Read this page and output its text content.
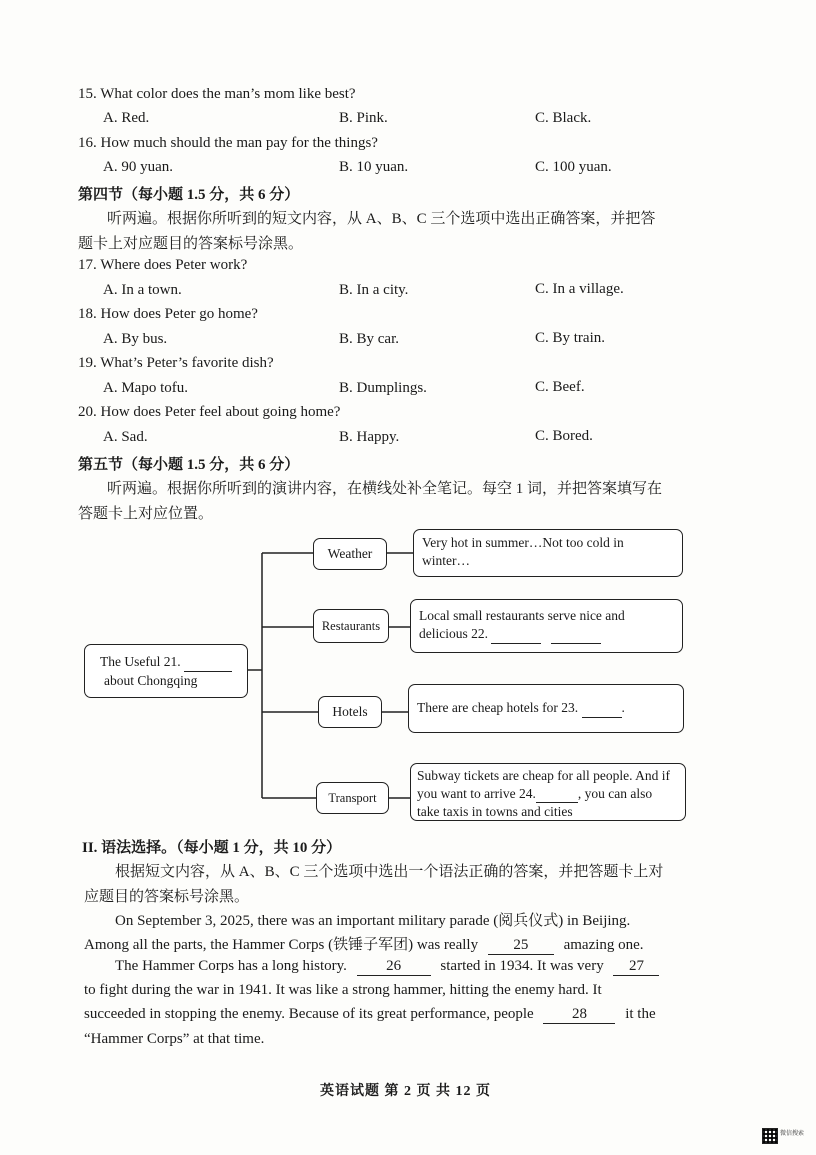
15. What color does the man’s mom like best?
A. Red.	B. Pink.	C. Black.
16. How much should the man pay for the things?
A. 90 yuan.	B. 10 yuan.	C. 100 yuan.
第四节（每小题 1.5 分，共 6 分）
听两遍。根据你所听到的短文内容，从 A、B、C 三个选项中选出正确答案，并把答
题卡上对应题目的答案标号涂黑。
17. Where does Peter work?
A. In a town.	B. In a city.	C. In a village.
18. How does Peter go home?
A. By bus.	B. By car.	C. By train.
19. What’s Peter’s favorite dish?
A. Mapo tofu.	B. Dumplings.	C. Beef.
20. How does Peter feel about going home?
A. Sad.	B. Happy.	C. Bored.
第五节（每小题 1.5 分，共 6 分）
听两遍。根据你所听到的演讲内容，在横线处补全笔记。每空 1 词，并把答案填写在
答题卡上对应位置。
The Useful 21.
about Chongqing
Weather
Restaurants
Hotels
Transport
Very hot in summer…Not too cold in
winter…
Local small restaurants serve nice and
delicious 22.
There are cheap hotels for 23.	.
Subway tickets are cheap for all people. And if
you want to arrive 24.	, you can also
take taxis in towns and cities
II. 语法选择。（每小题 1 分，共 10 分）
根据短文内容，从 A、B、C 三个选项中选出一个语法正确的答案，并把答题卡上对
应题目的答案标号涂黑。
On September 3, 2025, there was an important military parade (阅兵仪式) in Beijing.
Among all the parts, the Hammer Corps (铁锤子军团) was really 25 amazing one.
The Hammer Corps has a long history.	26	started in 1934. It was very 27
to fight during the war in 1941. It was like a strong hammer, hitting the enemy hard. It
succeeded in stopping the enemy. Because of its great performance, people	28	it the
“Hammer Corps” at that time.
英语试题 第 2 页 共 12 页
微信搜索
